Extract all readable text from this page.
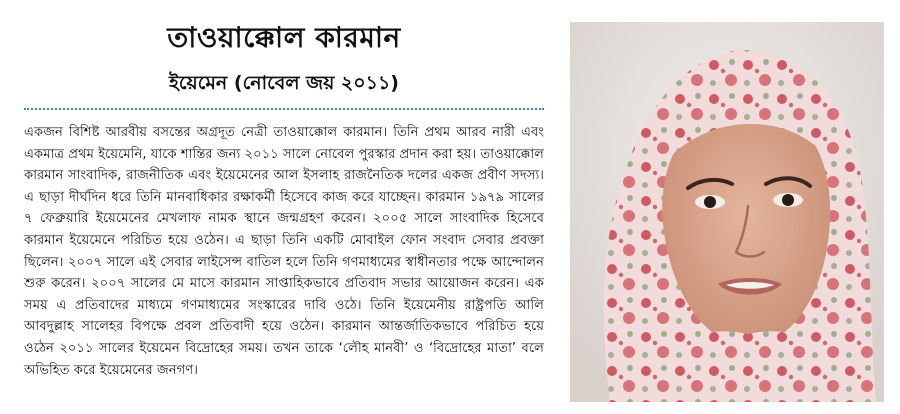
তাওয়াক্কোল কারমান
ইয়েমেন (নোবেল জয় ২০১১)

একজন বিশিষ্ট আরবীয় বসন্তের অগ্রদূত নেত্রী তাওয়াক্কোল কারমান। তিনি প্রথম আরব নারী এবং একমাত্র প্রথম ইয়েমেনি, যাকে শান্তির জন্য ২০১১ সালে নোবেল পুরস্কার প্রদান করা হয়। তাওয়াক্কোল কারমান সাংবাদিক, রাজনীতিক এবং ইয়েমেনের আল ইসলাহ রাজনৈতিক দলের একজ প্রবীণ সদস্য। এ ছাড়া দীর্ঘদিন ধরে তিনি মানবাধিকার রক্ষাকর্মী হিসেবে কাজ করে যাচ্ছেন। কারমান ১৯৭৯ সালের ৭ ফেব্রুয়ারি ইয়েমেনের মেখলাফ নামক স্থানে জন্মগ্রহণ করেন। ২০০৫ সালে সাংবাদিক হিসেবে কারমান ইয়েমেনে পরিচিত হয়ে ওঠেন। এ ছাড়া তিনি একটি মোবাইল ফোন সংবাদ সেবার প্রবক্তা ছিলেন। ২০০৭ সালে এই সেবার লাইসেন্স বাতিল হলে তিনি গণমাধ্যমের স্বাধীনতার পক্ষে আন্দোলন শুরু করেন। ২০০৭ সালের মে মাসে কারমান সাপ্তাহিকভাবে প্রতিবাদ সভার আয়োজন করেন। এক সময় এ প্রতিবাদের মাধ্যমে গণমাধ্যমের সংস্কারের দাবি ওঠে। তিনি ইয়েমেনীয় রাষ্ট্রপতি আলি আবদুল্লাহ সালেহর বিপক্ষে প্রবল প্রতিবাদী হয়ে ওঠেন। কারমান আন্তর্জাতিকভাবে পরিচিত হয়ে ওঠেন ২০১১ সালের ইয়েমেন বিদ্রোহের সময়। তখন তাকে ‘লৌহ মানবী’ ও ‘বিদ্রোহের মাতা’ বলে অভিহিত করে ইয়েমেনের জনগণ।
